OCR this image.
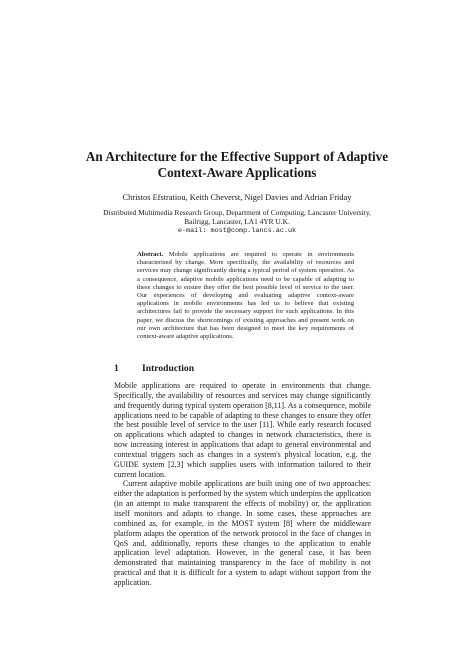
An Architecture for the Effective Support of Adaptive
Context-Aware Applications
Christos Efstratiou, Keith Cheverst, Nigel Davies and Adrian Friday
Distributed Multimedia Research Group, Department of Computing, Lancaster University,
Bailrigg, Lancaster, LA1 4YR U.K.
e-mail: most@comp.lancs.ac.uk
Abstract. Mobile applications are required to operate in environments characterised by change. More specifically, the availability of resources and services may change significantly during a typical period of system operation. As a consequence, adaptive mobile applications need to be capable of adapting to these changes to ensure they offer the best possible level of service to the user. Our experiences of developing and evaluating adaptive context-aware applications in mobile environments has led us to believe that existing architectures fail to provide the necessary support for such applications. In this paper, we discuss the shortcomings of existing approaches and present work on our own architecture that has been designed to meet the key requirements of context-aware adaptive applications.
1 Introduction

Mobile applications are required to operate in environments that change. Specifically, the availability of resources and services may change significantly and frequently during typical system operation [8,11]. As a consequence, mobile applications need to be capable of adapting to these changes to ensure they offer the best possible level of service to the user [11]. While early research focused on applications which adapted to changes in network characteristics, there is now increasing interest in applications that adapt to general environmental and contextual triggers such as changes in a system's physical location, e.g. the GUIDE system [2,3] which supplies users with information tailored to their current location.

Current adaptive mobile applications are built using one of two approaches: either the adaptation is performed by the system which underpins the application (in an attempt to make transparent the effects of mobility) or, the application itself monitors and adapts to change. In some cases, these approaches are combined as, for example, in the MOST system [8] where the middleware platform adapts the operation of the network protocol in the face of changes in QoS and, additionally, reports these changes to the application to enable application level adaptation. However, in the general case, it has been demonstrated that maintaining transparency in the face of mobility is not practical and that it is difficult for a system to adapt without support from the application.
